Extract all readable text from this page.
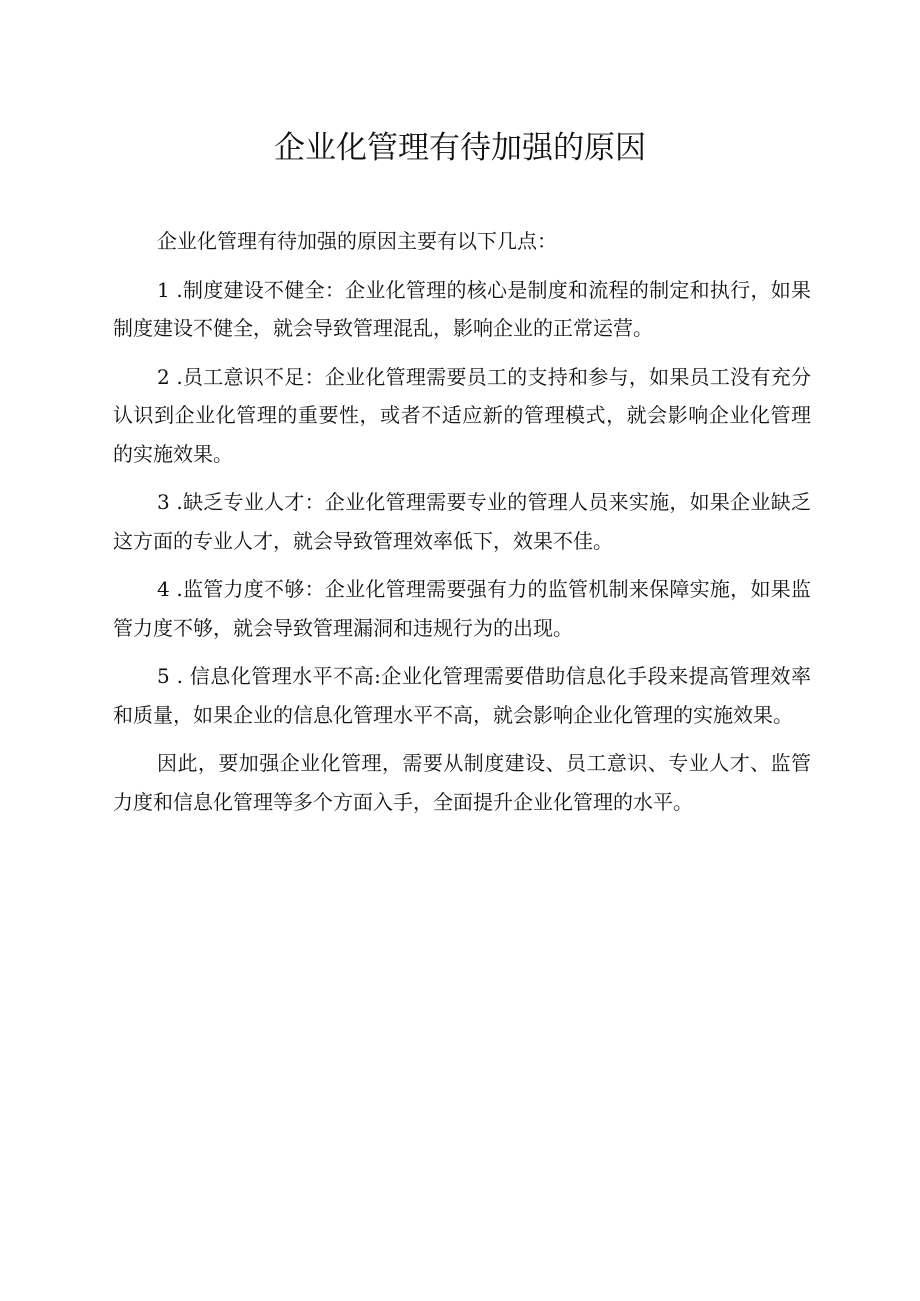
企业化管理有待加强的原因

企业化管理有待加强的原因主要有以下几点：

1 .制度建设不健全：企业化管理的核心是制度和流程的制定和执行，如果制度建设不健全，就会导致管理混乱，影响企业的正常运营。

2 .员工意识不足：企业化管理需要员工的支持和参与，如果员工没有充分认识到企业化管理的重要性，或者不适应新的管理模式，就会影响企业化管理的实施效果。

3 .缺乏专业人才：企业化管理需要专业的管理人员来实施，如果企业缺乏这方面的专业人才，就会导致管理效率低下，效果不佳。

4 .监管力度不够：企业化管理需要强有力的监管机制来保障实施，如果监管力度不够，就会导致管理漏洞和违规行为的出现。

5 . 信息化管理水平不高:企业化管理需要借助信息化手段来提高管理效率和质量，如果企业的信息化管理水平不高，就会影响企业化管理的实施效果。

因此，要加强企业化管理，需要从制度建设、员工意识、专业人才、监管力度和信息化管理等多个方面入手，全面提升企业化管理的水平。
